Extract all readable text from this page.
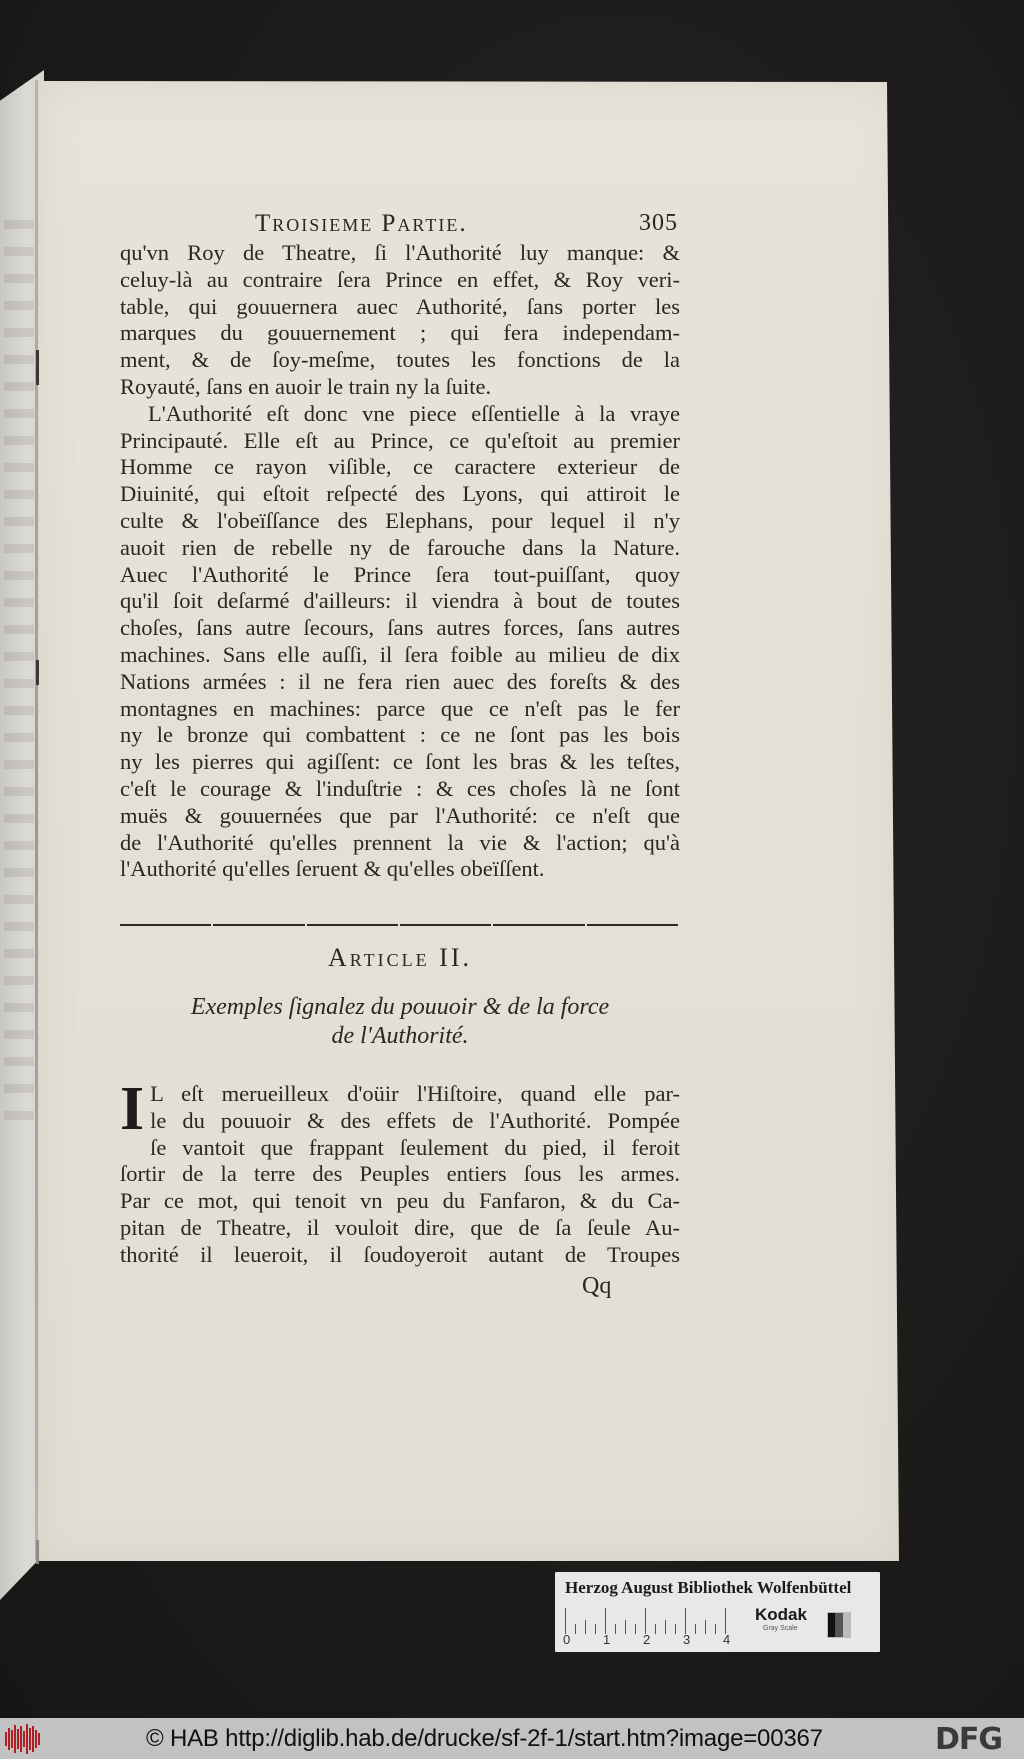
Troisieme Partie.	305

qu'vn Roy de Theatre, ſi l'Authorité luy manque: &
celuy-là au contraire ſera Prince en effet, & Roy veri-
table, qui gouuernera auec Authorité, ſans porter les
marques du gouuernement ; qui fera independam-
ment, & de ſoy-meſme, toutes les fonctions de la
Royauté, ſans en auoir le train ny la ſuite.

L'Authorité eſt donc vne piece eſſentielle à la vraye
Principauté. Elle eſt au Prince, ce qu'eſtoit au premier
Homme ce rayon viſible, ce caractere exterieur de
Diuinité, qui eſtoit reſpecté des Lyons, qui attiroit le
culte & l'obeïſſance des Elephans, pour lequel il n'y
auoit rien de rebelle ny de farouche dans la Nature.
Auec l'Authorité le Prince ſera tout-puiſſant, quoy
qu'il ſoit deſarmé d'ailleurs: il viendra à bout de toutes
choſes, ſans autre ſecours, ſans autres forces, ſans autres
machines. Sans elle auſſi, il ſera foible au milieu de dix
Nations armées : il ne fera rien auec des foreſts & des
montagnes en machines: parce que ce n'eſt pas le fer
ny le bronze qui combattent : ce ne ſont pas les bois
ny les pierres qui agiſſent: ce ſont les bras & les teſtes,
c'eſt le courage & l'induſtrie : & ces choſes là ne ſont
muës & gouuernées que par l'Authorité: ce n'eſt que
de l'Authorité qu'elles prennent la vie & l'action; qu'à
l'Authorité qu'elles ſeruent & qu'elles obeïſſent.

Article II.
Exemples ſignalez du pouuoir & de la force
de l'Authorité.

I L eſt merueilleux d'oüir l'Hiſtoire, quand elle par-
le du pouuoir & des effets de l'Authorité. Pompée
ſe vantoit que frappant ſeulement du pied, il feroit
ſortir de la terre des Peuples entiers ſous les armes.
Par ce mot, qui tenoit vn peu du Fanfaron, & du Ca-
pitan de Theatre, il vouloit dire, que de ſa ſeule Au-
thorité il leueroit, il ſoudoyeroit autant de Troupes

Qq
Herzog August Bibliothek Wolfenbüttel
0	1	2	3	4
Kodak
Gray Scale
© HAB http://diglib.hab.de/drucke/sf-2f-1/start.htm?image=00367	DFG
